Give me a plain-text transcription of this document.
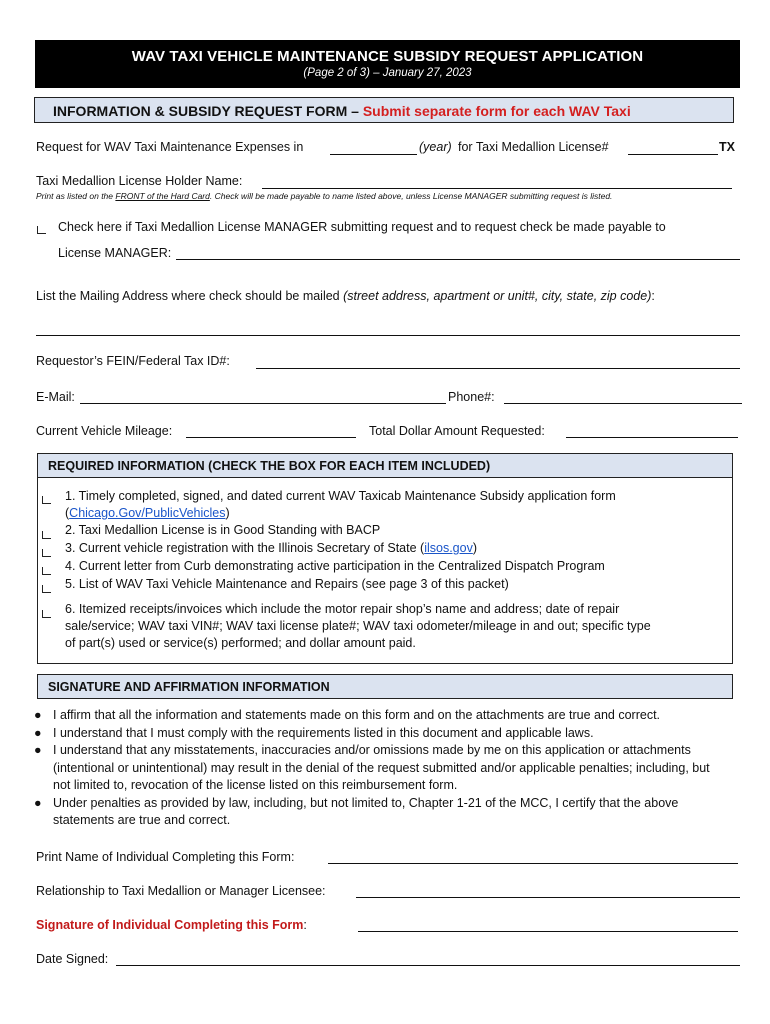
WAV TAXI VEHICLE MAINTENANCE SUBSIDY REQUEST APPLICATION
(Page 2 of 3) – January 27, 2023
INFORMATION & SUBSIDY REQUEST FORM – Submit separate form for each WAV Taxi
Request for WAV Taxi Maintenance Expenses in	(year) for Taxi Medallion License#	TX
Taxi Medallion License Holder Name:
Print as listed on the FRONT of the Hard Card. Check will be made payable to name listed above, unless License MANAGER submitting request is listed.
Check here if Taxi Medallion License MANAGER submitting request and to request check be made payable to
License MANAGER:
List the Mailing Address where check should be mailed (street address, apartment or unit#, city, state, zip code):
Requestor’s FEIN/Federal Tax ID#:
E-Mail:	Phone#:
Current Vehicle Mileage:	Total Dollar Amount Requested:
REQUIRED INFORMATION (CHECK THE BOX FOR EACH ITEM INCLUDED)
1. Timely completed, signed, and dated current WAV Taxicab Maintenance Subsidy application form
(Chicago.Gov/PublicVehicles)
2. Taxi Medallion License is in Good Standing with BACP
3. Current vehicle registration with the Illinois Secretary of State (ilsos.gov)
4. Current letter from Curb demonstrating active participation in the Centralized Dispatch Program
5. List of WAV Taxi Vehicle Maintenance and Repairs (see page 3 of this packet)
6. Itemized receipts/invoices which include the motor repair shop’s name and address; date of repair
sale/service; WAV taxi VIN#; WAV taxi license plate#; WAV taxi odometer/mileage in and out; specific type
of part(s) used or service(s) performed; and dollar amount paid.
SIGNATURE AND AFFIRMATION INFORMATION
● I affirm that all the information and statements made on this form and on the attachments are true and correct.
● I understand that I must comply with the requirements listed in this document and applicable laws.
● I understand that any misstatements, inaccuracies and/or omissions made by me on this application or attachments (intentional or unintentional) may result in the denial of the request submitted and/or applicable penalties; including, but not limited to, revocation of the license listed on this reimbursement form.
● Under penalties as provided by law, including, but not limited to, Chapter 1-21 of the MCC, I certify that the above statements are true and correct.
Print Name of Individual Completing this Form:
Relationship to Taxi Medallion or Manager Licensee:
Signature of Individual Completing this Form:
Date Signed:
